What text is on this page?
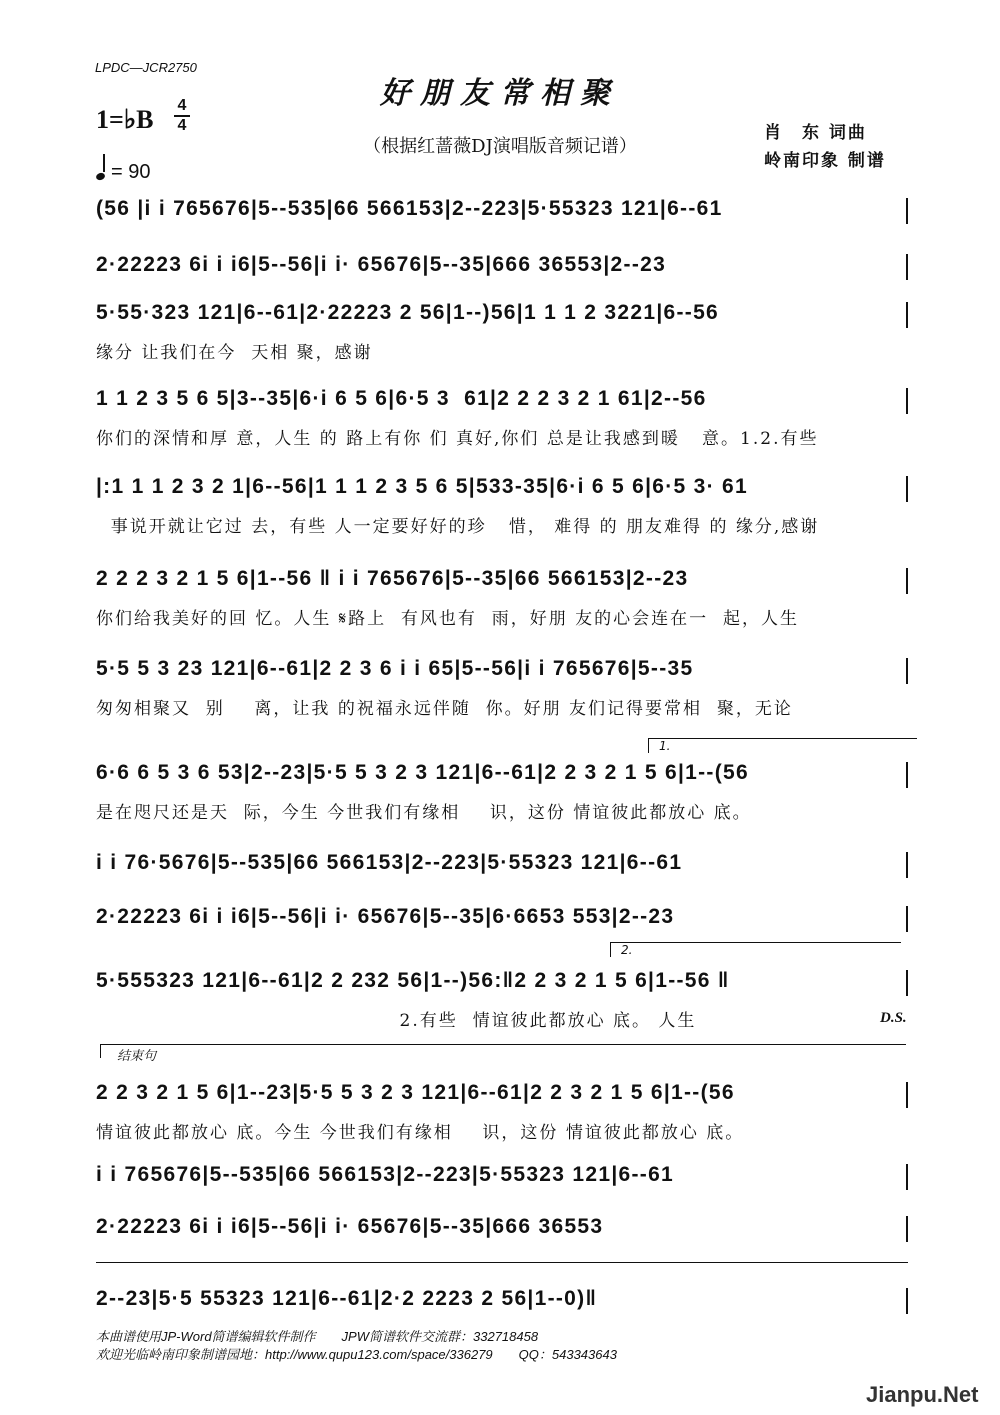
LPDC—JCR2750
好朋友常相聚
1=♭B 4
4
（根据红蔷薇DJ演唱版音频记谱）
肖　东 词曲
岭南印象 制谱
= 90
(56 |i i 765676|5--535|66 566153|2--223|5·55323 121|6--61
2·22223 6i i i6|5--56|i i· 65676|5--35|666 36553|2--23
5·55·323 121|6--61|2·22223 2 56|1--)56|1 1 1 2 3221|6--56
缘分 让我们在今  天相 聚，感谢
1 1 2 3 5 6 5|3--35|6·i 6 5 6|6·5 3  61|2 2 2 3 2 1 61|2--56
你们的深情和厚 意，人生 的 路上有你 们 真好,你们 总是让我感到暖   意。1.2.有些
|:1 1 1 2 3 2 1|6--56|1 1 1 2 3 5 6 5|533-35|6·i 6 5 6|6·5 3· 61
事说开就让它过 去，有些 人一定要好好的珍   惜， 难得 的 朋友难得 的 缘分,感谢
2 2 2 3 2 1 5 6|1--56 ‖ i i 765676|5--35|66 566153|2--23
你们给我美好的回 忆。人生 𝄋路上  有风也有  雨，好朋 友的心会连在一  起，人生
5·5 5 3 23 121|6--61|2 2 3 6 i i 65|5--56|i i 765676|5--35
匆匆相聚又  别    离，让我 的祝福永远伴随  你。好朋 友们记得要常相  聚，无论
6·6 6 5 3 6 53|2--23|5·5 5 3 2 3 121|6--61|2 2 3 2 1 5 6|1--(56
是在咫尺还是天  际，今生 今世我们有缘相    识，这份 情谊彼此都放心 底。
i i 76·5676|5--535|66 566153|2--223|5·55323 121|6--61
2·22223 6i i i6|5--56|i i· 65676|5--35|6·6653 553|2--23
5·555323 121|6--61|2 2 232 56|1--)56:‖2 2 3 2 1 5 6|1--56 ‖
2.有些  情谊彼此都放心 底。 人生
2 2 3 2 1 5 6|1--23|5·5 5 3 2 3 121|6--61|2 2 3 2 1 5 6|1--(56
情谊彼此都放心 底。今生 今世我们有缘相    识，这份 情谊彼此都放心 底。
i i 765676|5--535|66 566153|2--223|5·55323 121|6--61
2·22223 6i i i6|5--56|i i· 65676|5--35|666 36553
2--23|5·5 55323 121|6--61|2·2 2223 2 56|1--0)‖
1.
2.
D.S.
结束句
本曲谱使用JP-Word简谱编辑软件制作　　JPW简谱软件交流群：332718458
欢迎光临岭南印象制谱园地：http://www.qupu123.com/space/336279　　QQ：543343643
Jianpu.Net
